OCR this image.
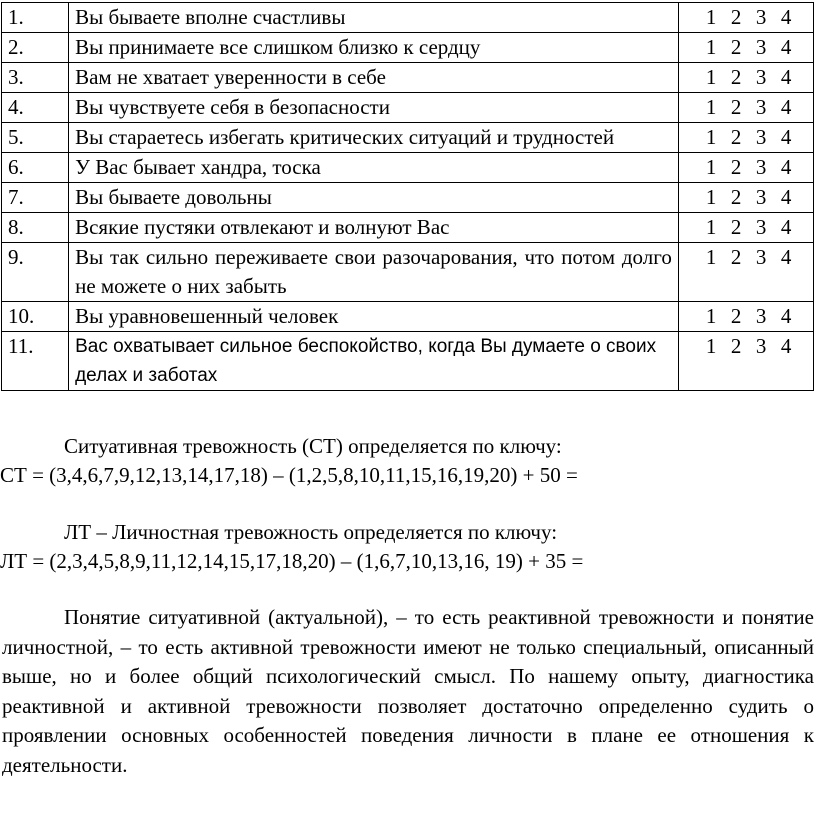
1.	Вы бываете вполне счастливы	1 2 3 4

2.	Вы принимаете все слишком близко к сердцу	1 2 3 4

3.	Вам не хватает уверенности в себе	1 2 3 4

4.	Вы чувствуете себя в безопасности	1 2 3 4

5.	Вы стараетесь избегать критических ситуаций и трудностей	1 2 3 4

6.	У Вас бывает хандра, тоска	1 2 3 4

7.	Вы бываете довольны	1 2 3 4

8.	Всякие пустяки отвлекают и волнуют Вас	1 2 3 4

9.	Вы так сильно переживаете свои разочарования, что потом долго не можете о них забыть	1 2 3 4

10.	Вы уравновешенный человек	1 2 3 4

11.	Вас охватывает сильное беспокойство, когда Вы думаете о своих делах и заботах	1 2 3 4
Ситуативная тревожность (СТ) определяется по ключу:
СТ = (3,4,6,7,9,12,13,14,17,18) – (1,2,5,8,10,11,15,16,19,20) + 50 =
ЛТ – Личностная тревожность определяется по ключу:
ЛТ = (2,3,4,5,8,9,11,12,14,15,17,18,20) – (1,6,7,10,13,16, 19) + 35 =
Понятие ситуативной (актуальной), – то есть реактивной тревожности и понятие личностной, – то есть активной тревожности имеют не только специальный, описанный выше, но и более общий психологический смысл. По нашему опыту, диагностика реактивной и активной тревожности позволяет достаточно определенно судить о проявлении основных особенностей поведения личности в плане ее отношения к деятельности.
